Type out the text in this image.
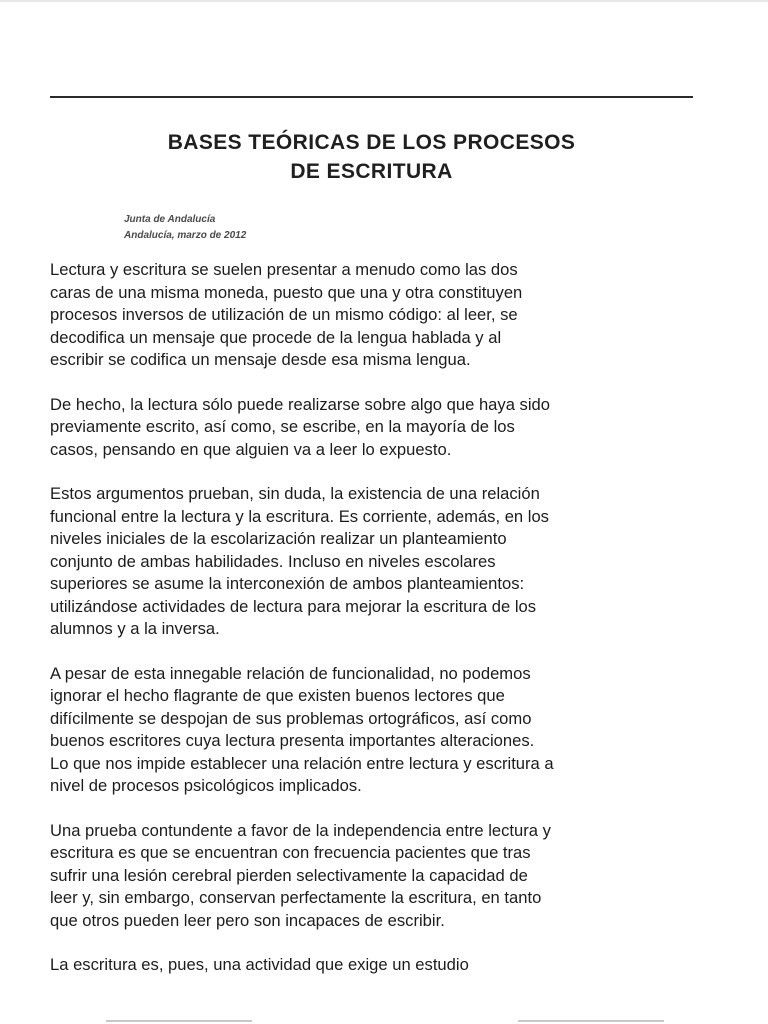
BASES TEÓRICAS DE LOS PROCESOS
DE ESCRITURA
Junta de Andalucía
Andalucía, marzo de 2012

Lectura y escritura se suelen presentar a menudo como las dos
caras de una misma moneda, puesto que una y otra constituyen
procesos inversos de utilización de un mismo código: al leer, se
decodifica un mensaje que procede de la lengua hablada y al
escribir se codifica un mensaje desde esa misma lengua.

De hecho, la lectura sólo puede realizarse sobre algo que haya sido
previamente escrito, así como, se escribe, en la mayoría de los
casos, pensando en que alguien va a leer lo expuesto.

Estos argumentos prueban, sin duda, la existencia de una relación
funcional entre la lectura y la escritura. Es corriente, además, en los
niveles iniciales de la escolarización realizar un planteamiento
conjunto de ambas habilidades. Incluso en niveles escolares
superiores se asume la interconexión de ambos planteamientos:
utilizándose actividades de lectura para mejorar la escritura de los
alumnos y a la inversa.

A pesar de esta innegable relación de funcionalidad, no podemos
ignorar el hecho flagrante de que existen buenos lectores que
difícilmente se despojan de sus problemas ortográficos, así como
buenos escritores cuya lectura presenta importantes alteraciones.
Lo que nos impide establecer una relación entre lectura y escritura a
nivel de procesos psicológicos implicados.

Una prueba contundente a favor de la independencia entre lectura y
escritura es que se encuentran con frecuencia pacientes que tras
sufrir una lesión cerebral pierden selectivamente la capacidad de
leer y, sin embargo, conservan perfectamente la escritura, en tanto
que otros pueden leer pero son incapaces de escribir.

La escritura es, pues, una actividad que exige un estudio
